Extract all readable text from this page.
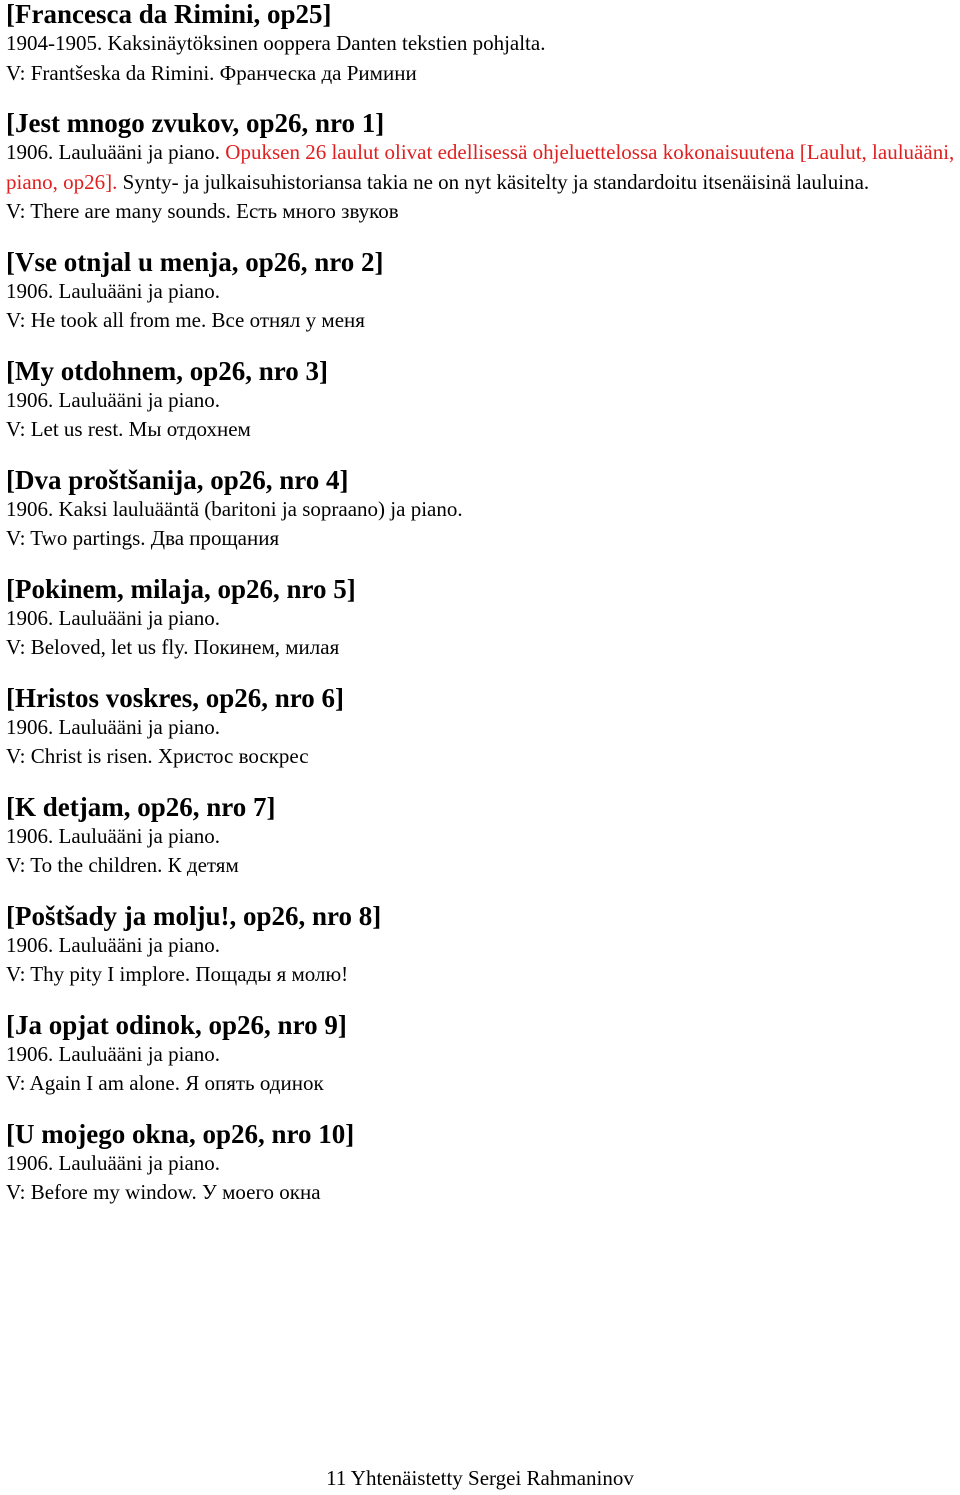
[Francesca da Rimini, op25]

1904-1905. Kaksinäytöksinen ooppera Danten tekstien pohjalta.

V: Frantšeska da Rimini. Франческа да Римини

[Jest mnogo zvukov, op26, nro 1]

1906. Lauluääni ja piano. Opuksen 26 laulut olivat edellisessä ohjeluettelossa kokonaisuutena [Laulut, lauluääni, piano, op26]. Synty- ja julkaisuhistoriansa takia ne on nyt käsitelty ja standardoitu itsenäisinä lauluina.

V: There are many sounds. Есть много звуков

[Vse otnjal u menja, op26, nro 2]

1906. Lauluääni ja piano.

V: He took all from me. Все отнял у меня

[My otdohnem, op26, nro 3]

1906. Lauluääni ja piano.

V: Let us rest. Мы отдохнем

[Dva proštšanija, op26, nro 4]

1906. Kaksi lauluääntä (baritoni ja sopraano) ja piano.

V: Two partings. Два прощания

[Pokinem, milaja, op26, nro 5]

1906. Lauluääni ja piano.

V: Beloved, let us fly. Покинем, милая

[Hristos voskres, op26, nro 6]

1906. Lauluääni ja piano.

V: Christ is risen. Христос воскрес

[K detjam, op26, nro 7]

1906. Lauluääni ja piano.

V: To the children. К детям

[Poštšady ja molju!, op26, nro 8]

1906. Lauluääni ja piano.

V: Thy pity I implore. Пощады я молю!

[Ja opjat odinok, op26, nro 9]

1906. Lauluääni ja piano.

V: Again I am alone. Я опять одинок

[U mojego okna, op26, nro 10]

1906. Lauluääni ja piano.

V: Before my window. У моего окна

11 Yhtenäistetty Sergei Rahmaninov
